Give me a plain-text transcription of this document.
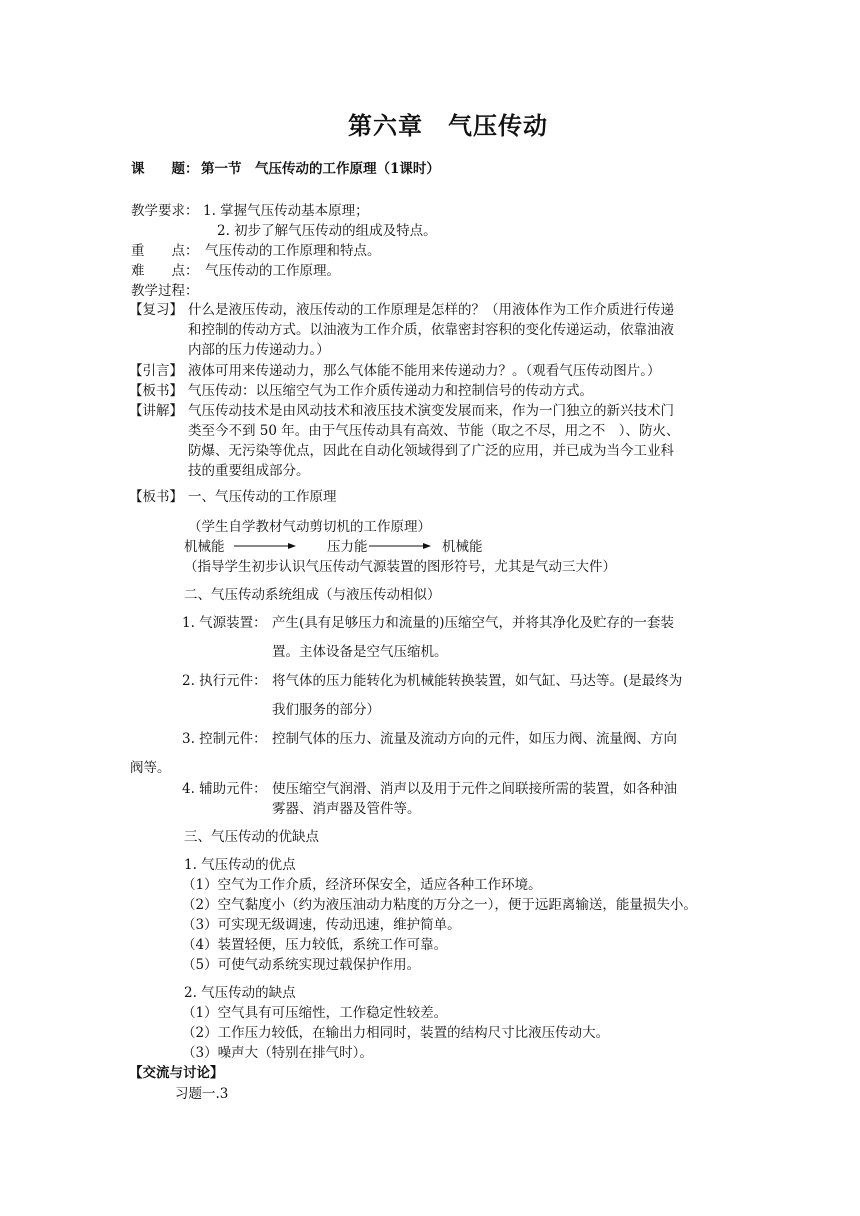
第六章　气压传动
课　　题： 第一节　气压传动的工作原理（1课时）
教学要求： 1. 掌握气压传动基本原理；
2. 初步了解气压传动的组成及特点。
重　　点： 气压传动的工作原理和特点。
难　　点： 气压传动的工作原理。
教学过程：
【复习】 什么是液压传动，液压传动的工作原理是怎样的？（用液体作为工作介质进行传递
和控制的传动方式。以油液为工作介质，依靠密封容积的变化传递运动，依靠油液
内部的压力传递动力。）
【引言】 液体可用来传递动力，那么气体能不能用来传递动力？。（观看气压传动图片。）
【板书】 气压传动：以压缩空气为工作介质传递动力和控制信号的传动方式。
【讲解】 气压传动技术是由风动技术和液压技术演变发展而来，作为一门独立的新兴技术门
类至今不到 50 年。由于气压传动具有高效、节能（取之不尽，用之不　）、防火、
防爆、无污染等优点，因此在自动化领域得到了广泛的应用，并已成为当今工业科
技的重要组成部分。
【板书】 一、气压传动的工作原理
（学生自学教材气动剪切机的工作原理）
机械能	压力能	机械能
（指导学生初步认识气压传动气源装置的图形符号，尤其是气动三大件）
二、气压传动系统组成（与液压传动相似）
1. 气源装置： 产生(具有足够压力和流量的)压缩空气，并将其净化及贮存的一套装
置。主体设备是空气压缩机。
2. 执行元件： 将气体的压力能转化为机械能转换装置，如气缸、马达等。(是最终为
我们服务的部分）
3. 控制元件： 控制气体的压力、流量及流动方向的元件，如压力阀、流量阀、方向
阀等。
4. 辅助元件： 使压缩空气润滑、消声以及用于元件之间联接所需的装置，如各种油
雾器、消声器及管件等。
三、气压传动的优缺点
1. 气压传动的优点
（1）空气为工作介质，经济环保安全，适应各种工作环境。
（2）空气黏度小（约为液压油动力粘度的万分之一），便于远距离输送，能量损失小。
（3）可实现无级调速，传动迅速，维护简单。
（4）装置轻便，压力较低，系统工作可靠。
（5）可使气动系统实现过载保护作用。
2. 气压传动的缺点
（1）空气具有可压缩性，工作稳定性较差。
（2）工作压力较低，在输出力相同时，装置的结构尺寸比液压传动大。
（3）噪声大（特别在排气时）。
【交流与讨论】
习题一.3
